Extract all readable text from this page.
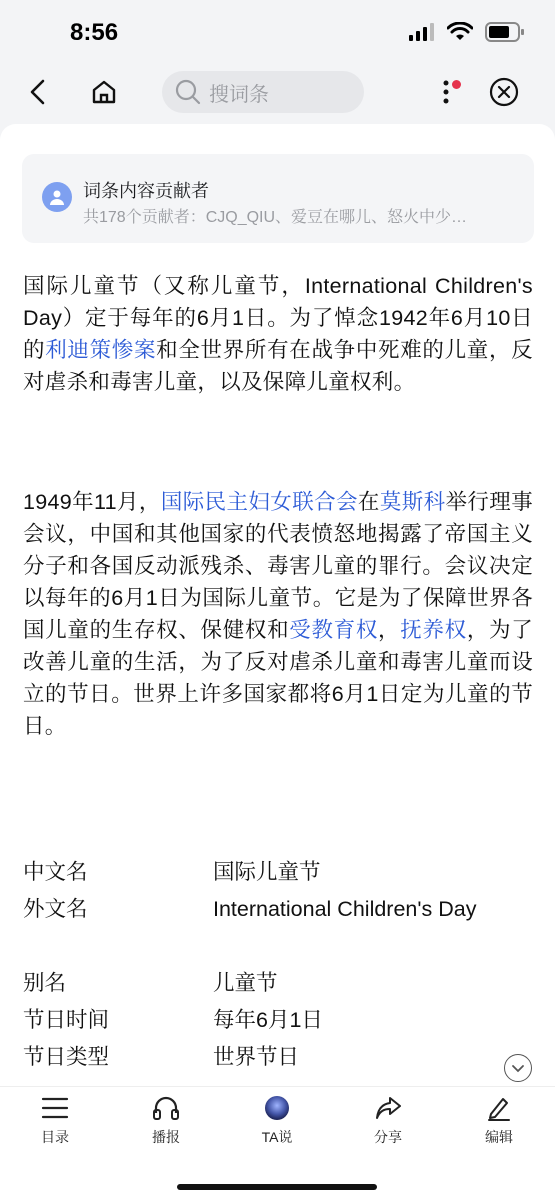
8:56
搜词条
词条内容贡献者
共178个贡献者：CJQ_QIU、爱豆在哪儿、怒火中少…

国际儿童节（又称儿童节，International Children's Day）定于每年的6月1日。为了悼念1942年6月10日的利迪策惨案和全世界所有在战争中死难的儿童，反对虐杀和毒害儿童，以及保障儿童权利。

1949年11月，国际民主妇女联合会在莫斯科举行理事会议，中国和其他国家的代表愤怒地揭露了帝国主义分子和各国反动派残杀、毒害儿童的罪行。会议决定以每年的6月1日为国际儿童节。它是为了保障世界各国儿童的生存权、保健权和受教育权，抚养权，为了改善儿童的生活，为了反对虐杀儿童和毒害儿童而设立的节日。世界上许多国家都将6月1日定为儿童的节日。

中文名	国际儿童节
外文名	International Children's Day
别名	儿童节
节日时间	每年6月1日
节日类型	世界节日
目录	播报	TA说	分享	编辑
